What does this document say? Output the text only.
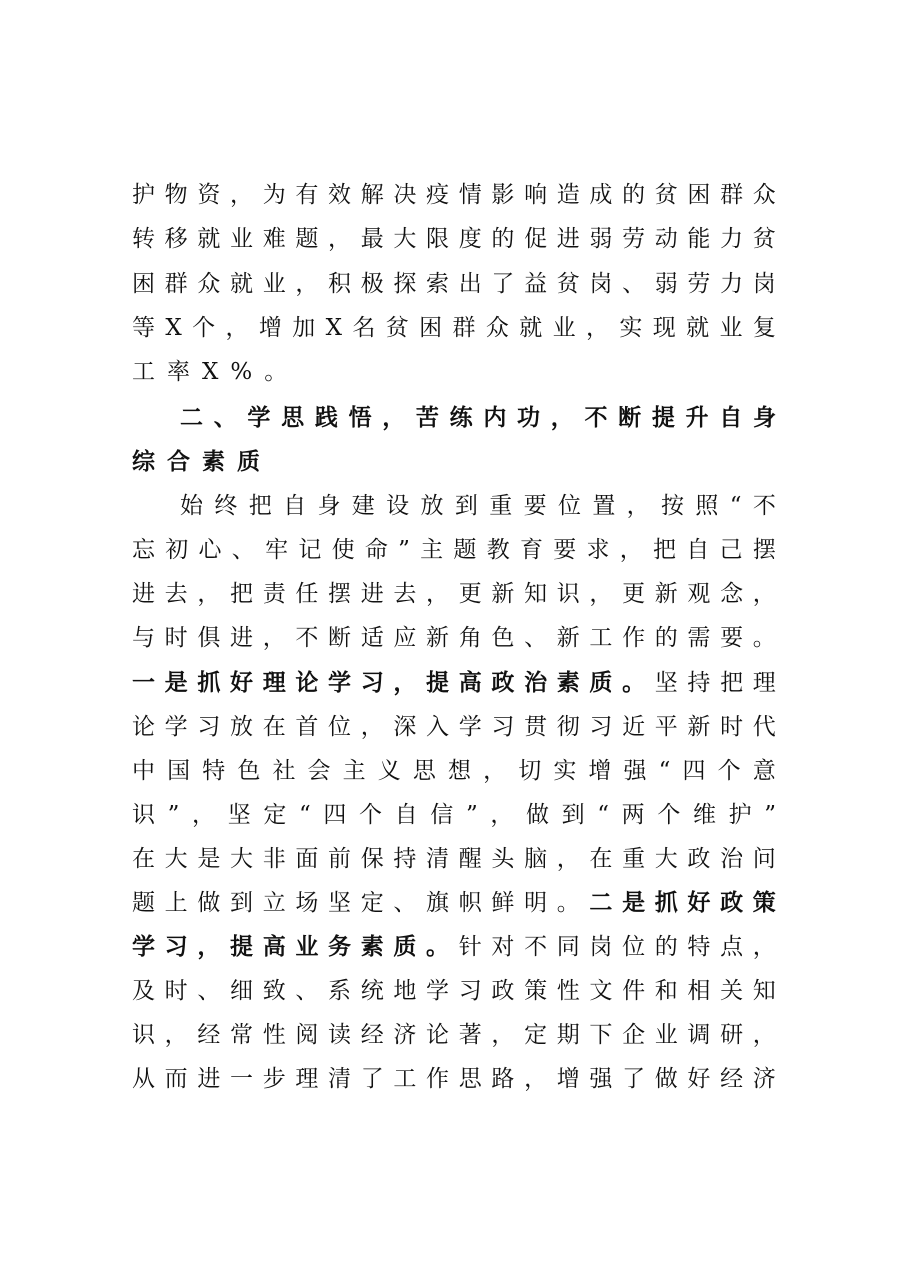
护 物 资 ， 为 有 效 解 决 疫 情 影 响 造 成 的 贫 困 群 众
转 移 就 业 难 题 ， 最 大 限 度 的 促 进 弱 劳 动 能 力 贫
困 群 众 就 业 ， 积 极 探 索 出 了 益 贫 岗 、 弱 劳 力 岗
等 X 个 ， 增 加 X 名 贫 困 群 众 就 业 ， 实 现 就 业 复
工 率 X % 。
二 、 学 思 践 悟 ， 苦 练 内 功 ， 不 断 提 升 自 身
综 合 素 质
始 终 把 自 身 建 设 放 到 重 要 位 置 ， 按 照 “ 不
忘 初 心 、 牢 记 使 命 ” 主 题 教 育 要 求 ， 把 自 己 摆
进 去 ， 把 责 任 摆 进 去 ， 更 新 知 识 ， 更 新 观 念 ，
与 时 俱 进 ， 不 断 适 应 新 角 色 、 新 工 作 的 需 要 。
一 是 抓 好 理 论 学 习 ， 提 高 政 治 素 质 。 坚 持 把 理
论 学 习 放 在 首 位 ， 深 入 学 习 贯 彻 习 近 平 新 时 代
中 国 特 色 社 会 主 义 思 想 ， 切 实 增 强 “ 四 个 意
识 ” ， 坚 定 “ 四 个 自 信 ” ， 做 到 “ 两 个 维 护 ”
在 大 是 大 非 面 前 保 持 清 醒 头 脑 ， 在 重 大 政 治 问
题 上 做 到 立 场 坚 定 、 旗 帜 鲜 明 。 二 是 抓 好 政 策
学 习 ， 提 高 业 务 素 质 。 针 对 不 同 岗 位 的 特 点 ，
及 时 、 细 致 、 系 统 地 学 习 政 策 性 文 件 和 相 关 知
识 ， 经 常 性 阅 读 经 济 论 著 ， 定 期 下 企 业 调 研 ，
从 而 进 一 步 理 清 了 工 作 思 路 ， 增 强 了 做 好 经 济
